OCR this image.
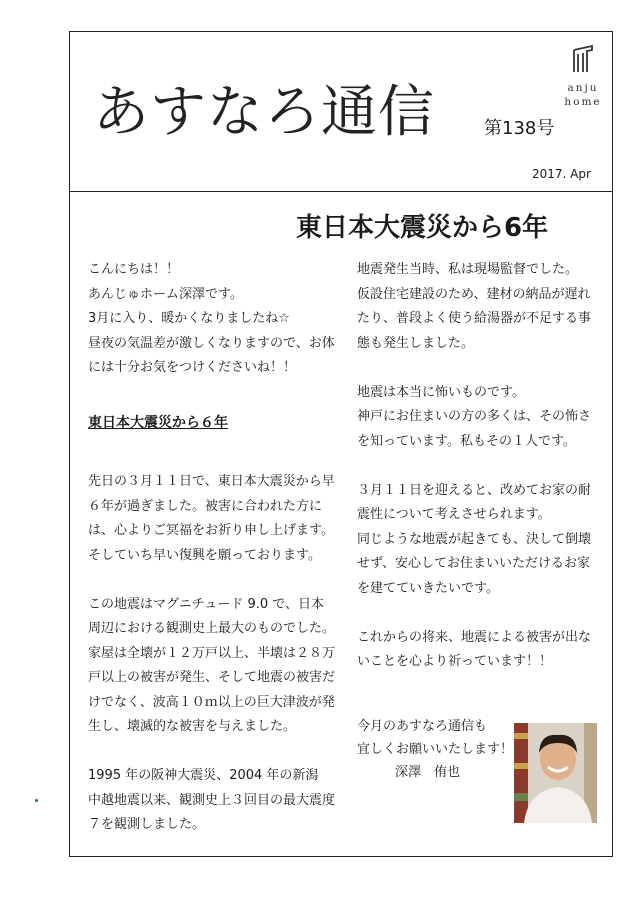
あすなろ通信	第138号
2017. Apr
anju
home
東日本大震災から6年

こんにちは！！

あんじゅホーム深澤です。

3月に入り、暖かくなりましたね☆

昼夜の気温差が激しくなりますので、お体

には十分お気をつけくださいね！！

東日本大震災から６年

先日の３月１１日で、東日本大震災から早

６年が過ぎました。被害に合われた方に

は、心よりご冥福をお祈り申し上げます。

そしていち早い復興を願っております。

この地震はマグニチュード 9.0 で、日本

周辺における観測史上最大のものでした。

家屋は全壊が１２万戸以上、半壊は２８万

戸以上の被害が発生、そして地震の被害だ

けでなく、波高１０ｍ以上の巨大津波が発

生し、壊滅的な被害を与えました。

1995 年の阪神大震災、2004 年の新潟

中越地震以来、観測史上３回目の最大震度

７を観測しました。

地震発生当時、私は現場監督でした。

仮設住宅建設のため、建材の納品が遅れ

たり、普段よく使う給湯器が不足する事

態も発生しました。

地震は本当に怖いものです。

神戸にお住まいの方の多くは、その怖さ

を知っています。私もその１人です。

３月１１日を迎えると、改めてお家の耐

震性について考えさせられます。

同じような地震が起きても、決して倒壊

せず、安心してお住まいいただけるお家

を建てていきたいです。

これからの将来、地震による被害が出な

いことを心より祈っています！！

今月のあすなろ通信も

宜しくお願いいたします！

深澤　侑也
